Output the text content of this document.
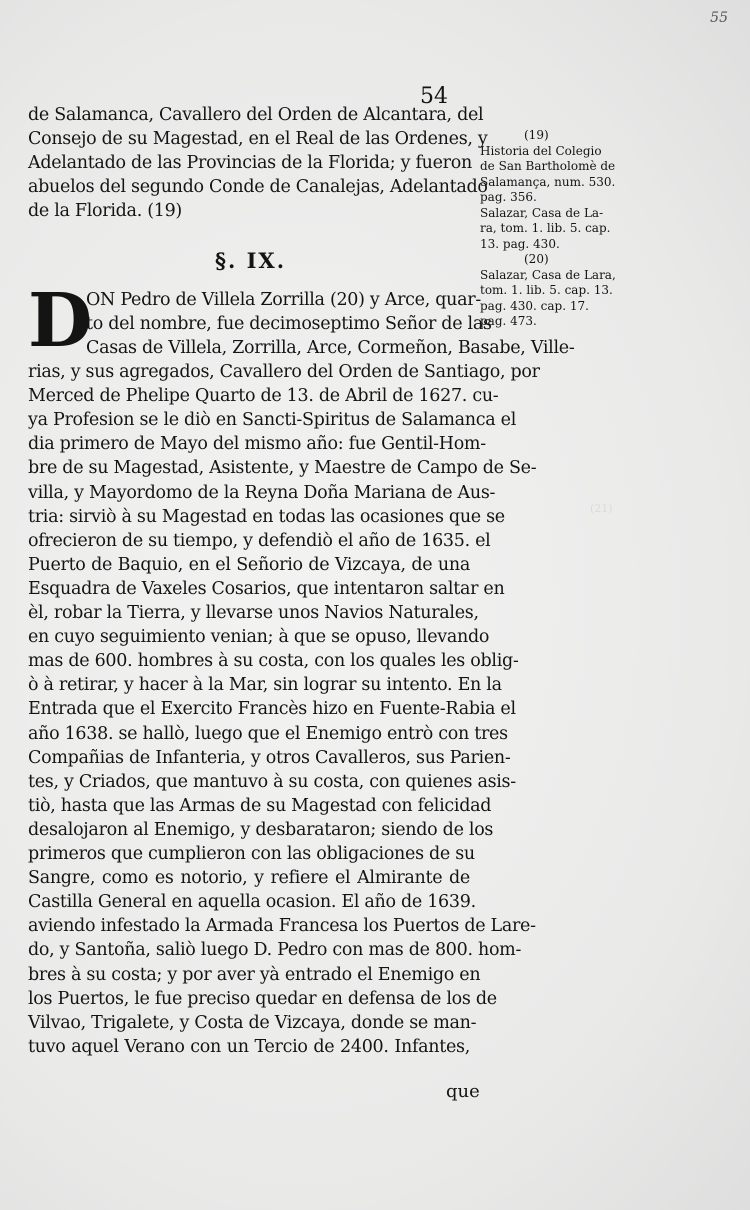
55
54
(21)

de Salamanca, Cavallero del Orden de Alcantara, del
Consejo de su Magestad, en el Real de las Ordenes, y
Adelantado de las Provincias de la Florida; y fueron
abuelos del segundo Conde de Canalejas, Adelantado
de la Florida. (19)
ON Pedro de Villela Zorrilla (20) y Arce, quar-
to del nombre, fue decimoseptimo Señor de las
Casas de Villela, Zorrilla, Arce, Cormeñon, Basabe, Ville-
rias, y sus agregados, Cavallero del Orden de Santiago, por
Merced de Phelipe Quarto de 13. de Abril de 1627. cu-
ya Profesion se le diò en Sancti-Spiritus de Salamanca el
dia primero de Mayo del mismo año: fue Gentil-Hom-
bre de su Magestad, Asistente, y Maestre de Campo de Se-
villa, y Mayordomo de la Reyna Doña Mariana de Aus-
tria: sirviò à su Magestad en todas las ocasiones que se
ofrecieron de su tiempo, y defendiò el año de 1635. el
Puerto de Baquio, en el Señorio de Vizcaya, de una
Esquadra de Vaxeles Cosarios, que intentaron saltar en
èl, robar la Tierra, y llevarse unos Navios Naturales,
en cuyo seguimiento venian; à que se opuso, llevando
mas de 600. hombres à su costa, con los quales les oblig-
ò à retirar, y hacer à la Mar, sin lograr su intento. En la
Entrada que el Exercito Francès hizo en Fuente-Rabia el
año 1638. se hallò, luego que el Enemigo entrò con tres
Compañias de Infanteria, y otros Cavalleros, sus Parien-
tes, y Criados, que mantuvo à su costa, con quienes asis-
tiò, hasta que las Armas de su Magestad con felicidad
desalojaron al Enemigo, y desbarataron; siendo de los
primeros que cumplieron con las obligaciones de su
Sangre, como es notorio, y refiere el Almirante de
Castilla General en aquella ocasion. El año de 1639.
aviendo infestado la Armada Francesa los Puertos de Lare-
do, y Santoña, saliò luego D. Pedro con mas de 800. hom-
bres à su costa; y por aver yà entrado el Enemigo en
los Puertos, le fue preciso quedar en defensa de los de
Vilvao, Trigalete, y Costa de Vizcaya, donde se man-
tuvo aquel Verano con un Tercio de 2400. Infantes,
§. IX.
D
(19)
Historia del Colegio
de San Bartholomè de
Salamança, num. 530.
pag. 356.
Salazar, Casa de La-
ra, tom. 1. lib. 5. cap.
13. pag. 430.
(20)
Salazar, Casa de Lara,
tom. 1. lib. 5. cap. 13.
pag. 430. cap. 17.
pag. 473.
que
